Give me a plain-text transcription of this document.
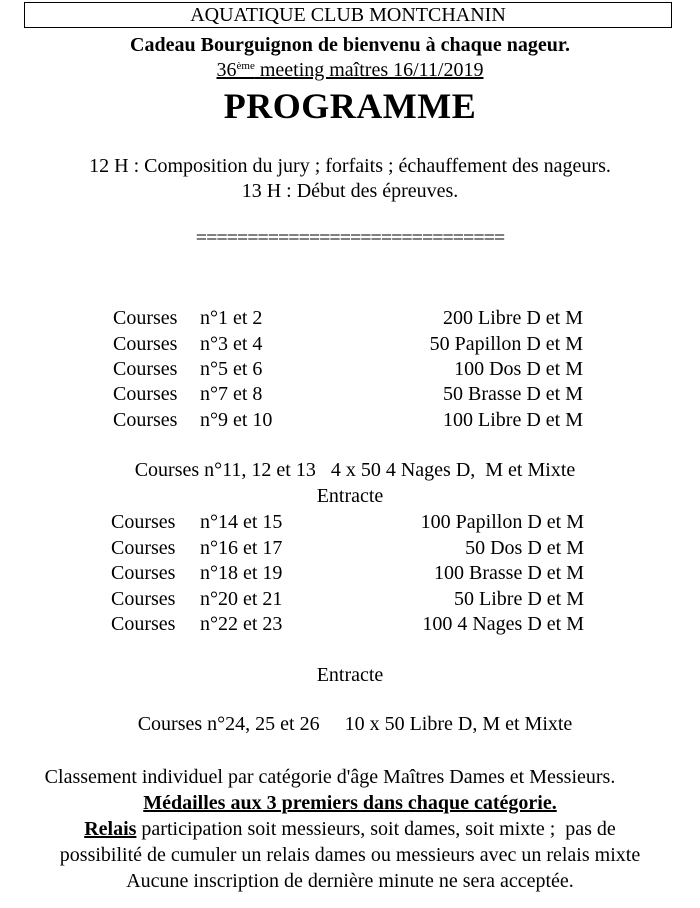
AQUATIQUE CLUB MONTCHANIN
Cadeau Bourguignon de bienvenu à chaque nageur.
36ème meeting maîtres 16/11/2019
PROGRAMME
12 H : Composition du jury ; forfaits ; échauffement des nageurs.
13 H : Début des épreuves.
==============================
Courses n°1 et 2	200 Libre D et M
Courses n°3 et 4	50 Papillon D et M
Courses n°5 et 6	100 Dos D et M
Courses n°7 et 8	50 Brasse D et M
Courses n°9 et 10	100 Libre D et M

Courses n°11, 12 et 13   4 x 50 4 Nages D,  M et Mixte

Entracte
Courses n°14 et 15	100 Papillon D et M
Courses n°16 et 17	50 Dos D et M
Courses n°18 et 19	100 Brasse D et M
Courses n°20 et 21	50 Libre D et M
Courses n°22 et 23	100 4 Nages D et M
Entracte

Courses n°24, 25 et 26     10 x 50 Libre D, M et Mixte

Classement individuel par catégorie d'âge Maîtres Dames et Messieurs.
Médailles aux 3 premiers dans chaque catégorie.
Relais participation soit messieurs, soit dames, soit mixte ;  pas de
possibilité de cumuler un relais dames ou messieurs avec un relais mixte
Aucune inscription de dernière minute ne sera acceptée.
